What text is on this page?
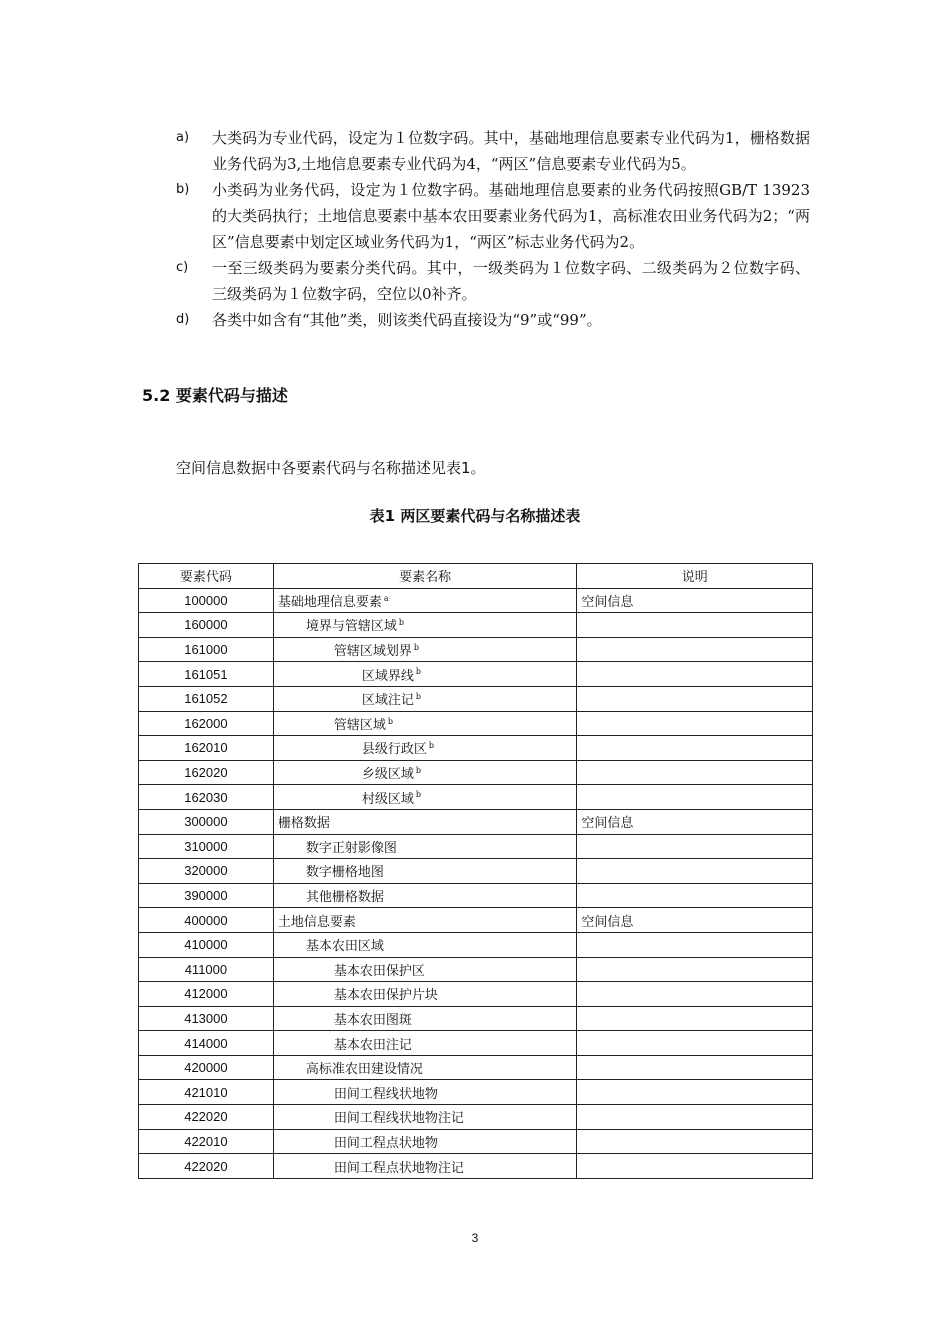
a)	大类码为专业代码，设定为１位数字码。其中，基础地理信息要素专业代码为1，栅格数据业务代码为3,土地信息要素专业代码为4，“两区”信息要素专业代码为5。
b)	小类码为业务代码，设定为１位数字码。基础地理信息要素的业务代码按照GB/T 13923的大类码执行；土地信息要素中基本农田要素业务代码为1，高标准农田业务代码为2；“两区”信息要素中划定区域业务代码为1，“两区”标志业务代码为2。
c)	一至三级类码为要素分类代码。其中，一级类码为１位数字码、二级类码为２位数字码、三级类码为１位数字码，空位以0补齐。
d)	各类中如含有“其他”类，则该类代码直接设为“9”或“99”。
5.2 要素代码与描述
空间信息数据中各要素代码与名称描述见表1。
表1 两区要素代码与名称描述表
要素代码	要素名称	说明
100000	基础地理信息要素 $^a$	空间信息
160000	境界与管辖区域 $^b$	
161000	管辖区域划界 $^b$	
161051	区域界线 $^b$	
161052	区域注记 $^b$	
162000	管辖区域 $^b$	
162010	县级行政区 $^b$	
162020	乡级区域 $^b$	
162030	村级区域 $^b$	
300000	栅格数据	空间信息
310000	数字正射影像图	
320000	数字栅格地图	
390000	其他栅格数据	
400000	土地信息要素	空间信息
410000	基本农田区域	
411000	基本农田保护区	
412000	基本农田保护片块	
413000	基本农田图斑	
414000	基本农田注记	
420000	高标准农田建设情况	
421010	田间工程线状地物	
422020	田间工程线状地物注记	
422010	田间工程点状地物	
422020	田间工程点状地物注记	
3
